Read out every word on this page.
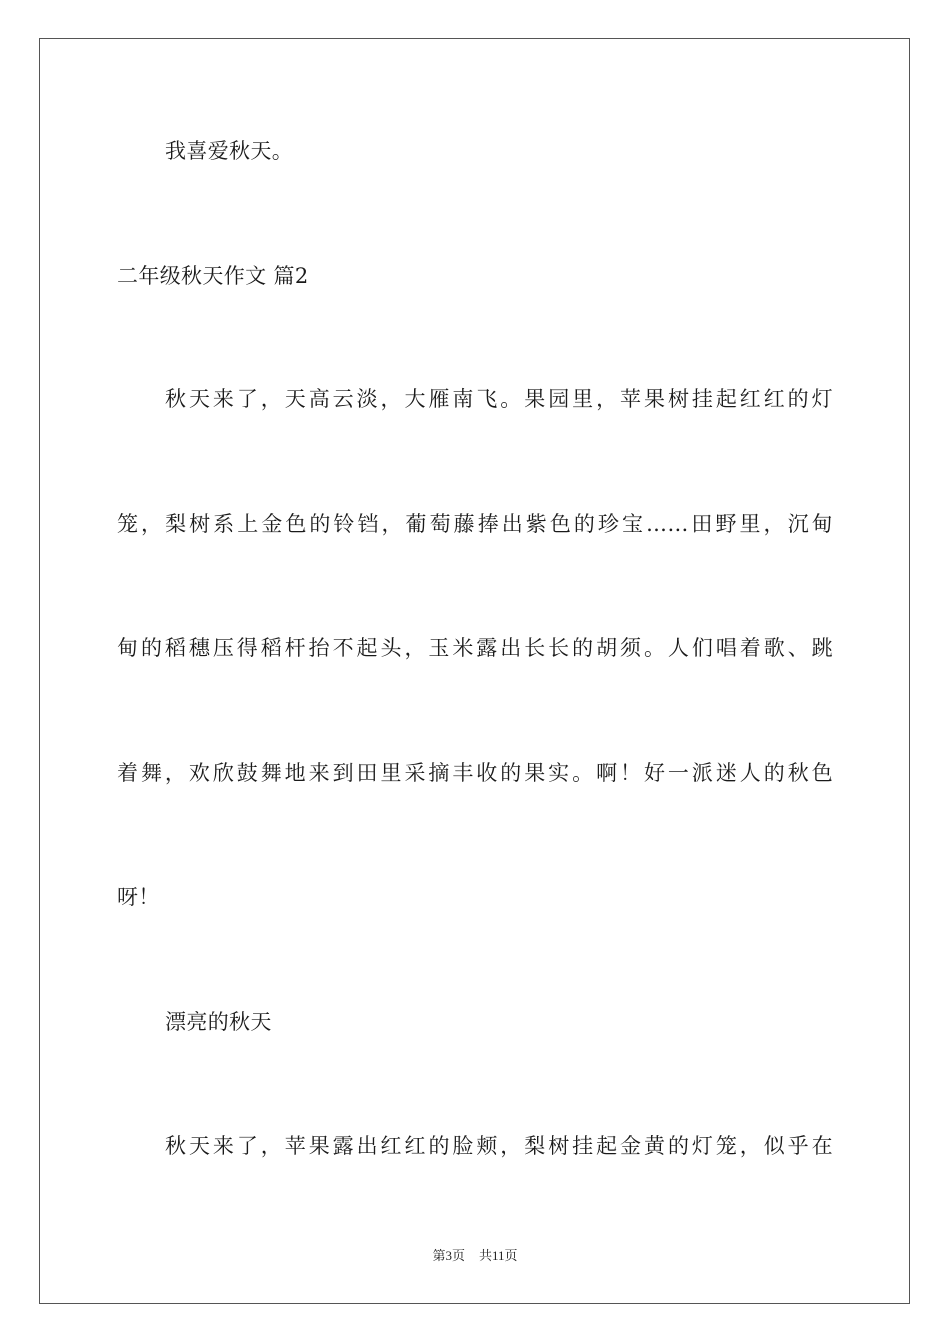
我喜爱秋天。
二年级秋天作文 篇2
秋天来了，天高云淡，大雁南飞。果园里，苹果树挂起红红的灯
笼，梨树系上金色的铃铛，葡萄藤捧出紫色的珍宝……田野里，沉甸
甸的稻穗压得稻杆抬不起头，玉米露出长长的胡须。人们唱着歌、跳
着舞，欢欣鼓舞地来到田里采摘丰收的果实。啊！好一派迷人的秋色
呀！
漂亮的秋天
秋天来了，苹果露出红红的脸颊，梨树挂起金黄的灯笼，似乎在
第3页 共11页
